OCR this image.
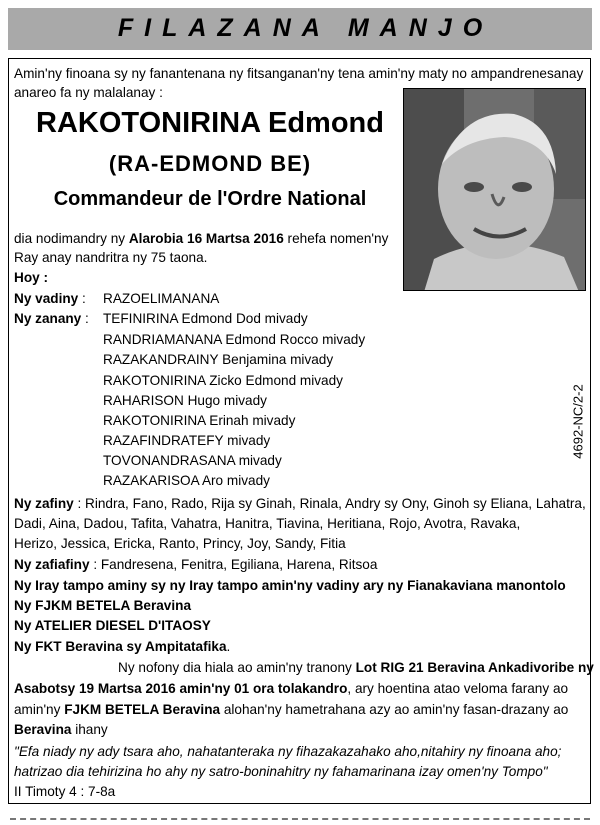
FILAZANA MANJO
Amin'ny finoana sy ny fanantenana ny fitsanganan'ny tena amin'ny maty no ampandrenesanay
anareo fa ny malalanay :
RAKOTONIRINA Edmond
(RA-EDMOND BE)
Commandeur de l'Ordre National
dia nodimandry ny Alarobia 16 Martsa 2016 rehefa nomen'ny
Ray anay nandritra ny 75 taona.
Hoy :
Ny vadiny : RAZOELIMANANA
Ny zanany : TEFINIRINA Edmond Dod mivady
RANDRIAMANANA Edmond Rocco mivady
RAZAKANDRAINY Benjamina mivady
RAKOTONIRINA Zicko Edmond mivady
RAHARISON Hugo mivady
RAKOTONIRINA Erinah mivady
RAZAFINDRATEFY mivady
TOVONANDRASANA mivady
RAZAKARISOA Aro mivady
Ny zafiny : Rindra, Fano, Rado, Rija sy Ginah, Rinala, Andry sy Ony, Ginoh sy Eliana, Lahatra,
Dadi, Aina, Dadou, Tafita, Vahatra, Hanitra, Tiavina, Heritiana, Rojo, Avotra, Ravaka,
Herizo, Jessica, Ericka, Ranto, Princy, Joy, Sandy, Fitia
Ny zafiafiny : Fandresena, Fenitra, Egiliana, Harena, Ritsoa
Ny Iray tampo aminy sy ny Iray tampo amin'ny vadiny ary ny Fianakaviana manontolo
Ny FJKM BETELA Beravina
Ny ATELIER DIESEL D'ITAOSY
Ny FKT Beravina sy Ampitatafika.
Ny nofony dia hiala ao amin'ny tranony Lot RIG 21 Beravina Ankadivoribe ny
Asabotsy 19 Martsa 2016 amin'ny 01 ora tolakandro, ary hoentina atao veloma farany ao
amin'ny FJKM BETELA Beravina alohan'ny hametrahana azy ao amin'ny fasan-drazany ao
Beravina ihany
"Efa niady ny ady tsara aho, nahatanteraka ny fihazakazahako aho,nitahiry ny finoana aho;
hatrizao dia tehirizina ho ahy ny satro-boninahitry ny fahamarinana izay omen'ny Tompo"
II Timoty 4 : 7-8a
4692-NC/2-2
